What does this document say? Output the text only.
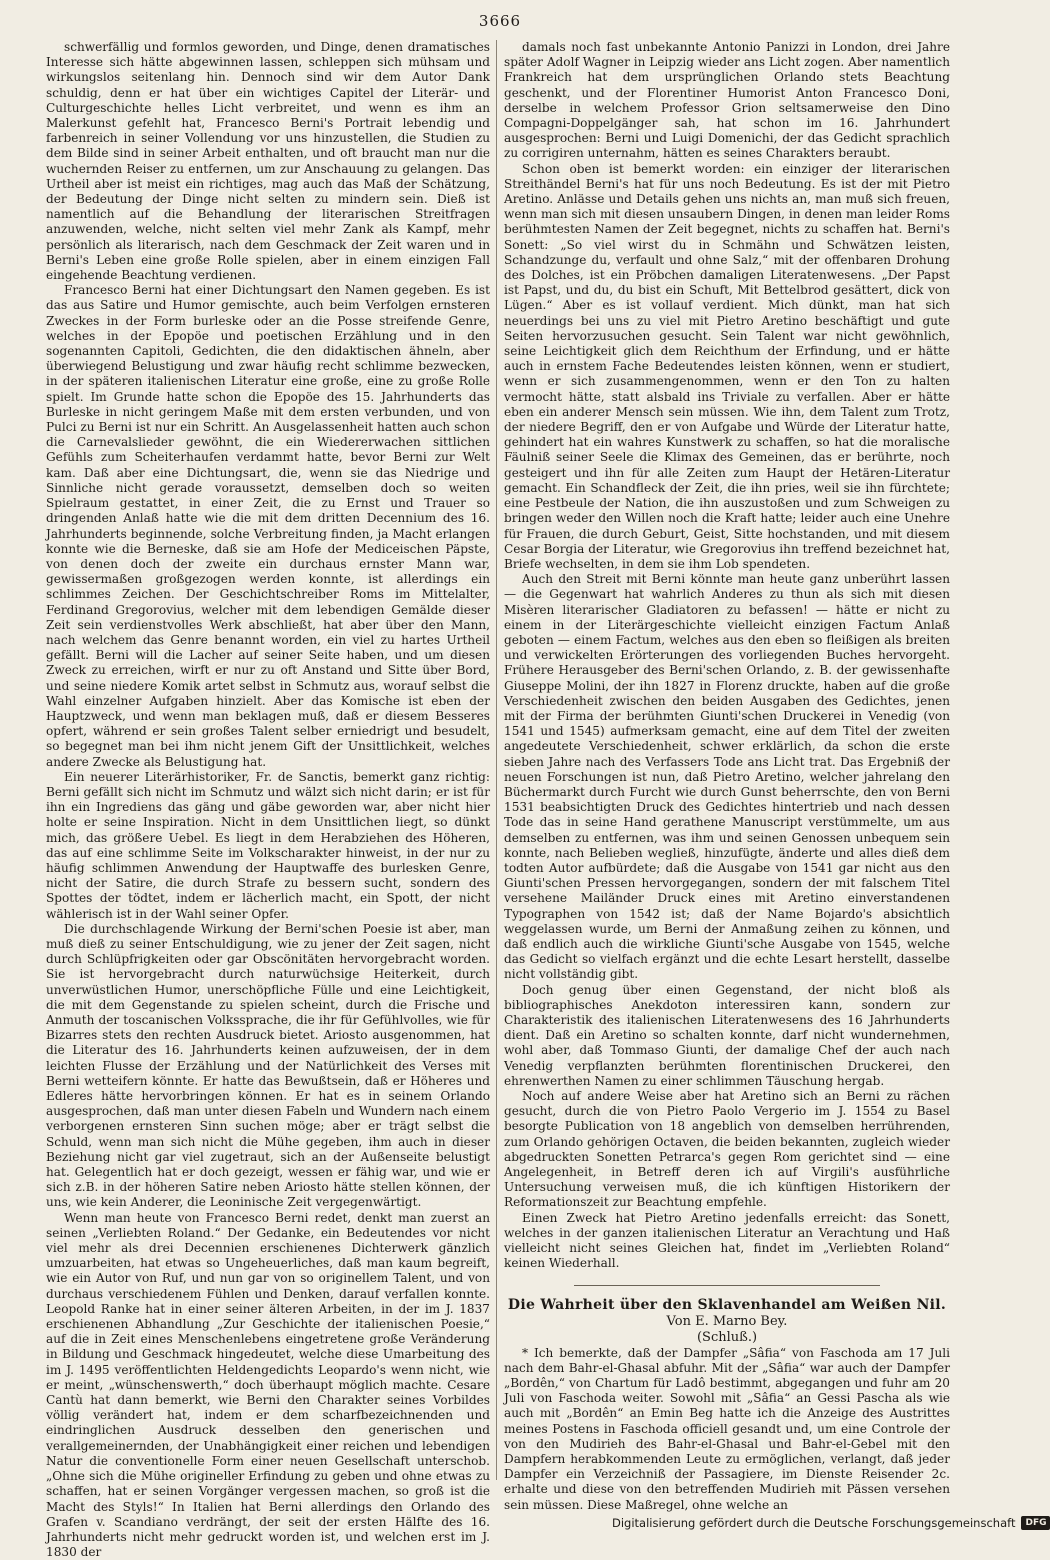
3666

schwerfällig und formlos geworden, und Dinge, denen dramatisches Interesse sich hätte abgewinnen lassen, schleppen sich mühsam und wirkungslos seitenlang hin. Dennoch sind wir dem Autor Dank schuldig, denn er hat über ein wichtiges Capitel der Literär- und Culturgeschichte helles Licht verbreitet, und wenn es ihm an Malerkunst gefehlt hat, Francesco Berni's Portrait lebendig und farbenreich in seiner Vollendung vor uns hinzustellen, die Studien zu dem Bilde sind in seiner Arbeit enthalten, und oft braucht man nur die wuchernden Reiser zu entfernen, um zur Anschauung zu gelangen. Das Urtheil aber ist meist ein richtiges, mag auch das Maß der Schätzung, der Bedeutung der Dinge nicht selten zu mindern sein. Dieß ist namentlich auf die Behandlung der literarischen Streitfragen anzuwenden, welche, nicht selten viel mehr Zank als Kampf, mehr persönlich als literarisch, nach dem Geschmack der Zeit waren und in Berni's Leben eine große Rolle spielen, aber in einem einzigen Fall eingehende Beachtung verdienen.

Francesco Berni hat einer Dichtungsart den Namen gegeben. Es ist das aus Satire und Humor gemischte, auch beim Verfolgen ernsteren Zweckes in der Form burleske oder an die Posse streifende Genre, welches in der Epopöe und poetischen Erzählung und in den sogenannten Capitoli, Gedichten, die den didaktischen ähneln, aber überwiegend Belustigung und zwar häufig recht schlimme bezwecken, in der späteren italienischen Literatur eine große, eine zu große Rolle spielt. Im Grunde hatte schon die Epopöe des 15. Jahrhunderts das Burleske in nicht geringem Maße mit dem ersten verbunden, und von Pulci zu Berni ist nur ein Schritt. An Ausgelassenheit hatten auch schon die Carnevalslieder gewöhnt, die ein Wiedererwachen sittlichen Gefühls zum Scheiterhaufen verdammt hatte, bevor Berni zur Welt kam. Daß aber eine Dichtungsart, die, wenn sie das Niedrige und Sinnliche nicht gerade voraussetzt, demselben doch so weiten Spielraum gestattet, in einer Zeit, die zu Ernst und Trauer so dringenden Anlaß hatte wie die mit dem dritten Decennium des 16. Jahrhunderts beginnende, solche Verbreitung finden, ja Macht erlangen konnte wie die Berneske, daß sie am Hofe der Mediceischen Päpste, von denen doch der zweite ein durchaus ernster Mann war, gewissermaßen großgezogen werden konnte, ist allerdings ein schlimmes Zeichen. Der Geschichtschreiber Roms im Mittelalter, Ferdinand Gregorovius, welcher mit dem lebendigen Gemälde dieser Zeit sein verdienstvolles Werk abschließt, hat aber über den Mann, nach welchem das Genre benannt worden, ein viel zu hartes Urtheil gefällt. Berni will die Lacher auf seiner Seite haben, und um diesen Zweck zu erreichen, wirft er nur zu oft Anstand und Sitte über Bord, und seine niedere Komik artet selbst in Schmutz aus, worauf selbst die Wahl einzelner Aufgaben hinzielt. Aber das Komische ist eben der Hauptzweck, und wenn man beklagen muß, daß er diesem Besseres opfert, während er sein großes Talent selber erniedrigt und besudelt, so begegnet man bei ihm nicht jenem Gift der Unsittlichkeit, welches andere Zwecke als Belustigung hat.

Ein neuerer Literärhistoriker, Fr. de Sanctis, bemerkt ganz richtig: Berni gefällt sich nicht im Schmutz und wälzt sich nicht darin; er ist für ihn ein Ingrediens das gäng und gäbe geworden war, aber nicht hier holte er seine Inspiration. Nicht in dem Unsittlichen liegt, so dünkt mich, das größere Uebel. Es liegt in dem Herabziehen des Höheren, das auf eine schlimme Seite im Volkscharakter hinweist, in der nur zu häufig schlimmen Anwendung der Hauptwaffe des burlesken Genre, nicht der Satire, die durch Strafe zu bessern sucht, sondern des Spottes der tödtet, indem er lächerlich macht, ein Spott, der nicht wählerisch ist in der Wahl seiner Opfer.

Die durchschlagende Wirkung der Berni'schen Poesie ist aber, man muß dieß zu seiner Entschuldigung, wie zu jener der Zeit sagen, nicht durch Schlüpfrigkeiten oder gar Obscönitäten hervorgebracht worden. Sie ist hervorgebracht durch naturwüchsige Heiterkeit, durch unverwüstlichen Humor, unerschöpfliche Fülle und eine Leichtigkeit, die mit dem Gegenstande zu spielen scheint, durch die Frische und Anmuth der toscanischen Volkssprache, die ihr für Gefühlvolles, wie für Bizarres stets den rechten Ausdruck bietet. Ariosto ausgenommen, hat die Literatur des 16. Jahrhunderts keinen aufzuweisen, der in dem leichten Flusse der Erzählung und der Natürlichkeit des Verses mit Berni wetteifern könnte. Er hatte das Bewußtsein, daß er Höheres und Edleres hätte hervorbringen können. Er hat es in seinem Orlando ausgesprochen, daß man unter diesen Fabeln und Wundern nach einem verborgenen ernsteren Sinn suchen möge; aber er trägt selbst die Schuld, wenn man sich nicht die Mühe gegeben, ihm auch in dieser Beziehung nicht gar viel zugetraut, sich an der Außenseite belustigt hat. Gelegentlich hat er doch gezeigt, wessen er fähig war, und wie er sich z.B. in der höheren Satire neben Ariosto hätte stellen können, der uns, wie kein Anderer, die Leoninische Zeit vergegenwärtigt.

Wenn man heute von Francesco Berni redet, denkt man zuerst an seinen „Verliebten Roland.“ Der Gedanke, ein Bedeutendes vor nicht viel mehr als drei Decennien erschienenes Dichterwerk gänzlich umzuarbeiten, hat etwas so Ungeheuerliches, daß man kaum begreift, wie ein Autor von Ruf, und nun gar von so originellem Talent, und von durchaus verschiedenem Fühlen und Denken, darauf verfallen konnte. Leopold Ranke hat in einer seiner älteren Arbeiten, in der im J. 1837 erschienenen Abhandlung „Zur Geschichte der italienischen Poesie,“ auf die in Zeit eines Menschenlebens eingetretene große Veränderung in Bildung und Geschmack hingedeutet, welche diese Umarbeitung des im J. 1495 veröffentlichten Heldengedichts Leopardo's wenn nicht, wie er meint, „wünschenswerth,“ doch überhaupt möglich machte. Cesare Cantù hat dann bemerkt, wie Berni den Charakter seines Vorbildes völlig verändert hat, indem er dem scharfbezeichnenden und eindringlichen Ausdruck desselben den generischen und verallgemeinernden, der Unabhängigkeit einer reichen und lebendigen Natur die conventionelle Form einer neuen Gesellschaft unterschob. „Ohne sich die Mühe origineller Erfindung zu geben und ohne etwas zu schaffen, hat er seinen Vorgänger vergessen machen, so groß ist die Macht des Styls!“ In Italien hat Berni allerdings den Orlando des Grafen v. Scandiano verdrängt, der seit der ersten Hälfte des 16. Jahrhunderts nicht mehr gedruckt worden ist, und welchen erst im J. 1830 der

damals noch fast unbekannte Antonio Panizzi in London, drei Jahre später Adolf Wagner in Leipzig wieder ans Licht zogen. Aber namentlich Frankreich hat dem ursprünglichen Orlando stets Beachtung geschenkt, und der Florentiner Humorist Anton Francesco Doni, derselbe in welchem Professor Grion seltsamerweise den Dino Compagni-Doppelgänger sah, hat schon im 16. Jahrhundert ausgesprochen: Berni und Luigi Domenichi, der das Gedicht sprachlich zu corrigiren unternahm, hätten es seines Charakters beraubt.

Schon oben ist bemerkt worden: ein einziger der literarischen Streithändel Berni's hat für uns noch Bedeutung. Es ist der mit Pietro Aretino. Anlässe und Details gehen uns nichts an, man muß sich freuen, wenn man sich mit diesen unsaubern Dingen, in denen man leider Roms berühmtesten Namen der Zeit begegnet, nichts zu schaffen hat. Berni's Sonett: „So viel wirst du in Schmähn und Schwätzen leisten, Schandzunge du, verfault und ohne Salz,“ mit der offenbaren Drohung des Dolches, ist ein Pröbchen damaligen Literatenwesens. „Der Papst ist Papst, und du, du bist ein Schuft, Mit Bettelbrod gesättert, dick von Lügen.“ Aber es ist vollauf verdient. Mich dünkt, man hat sich neuerdings bei uns zu viel mit Pietro Aretino beschäftigt und gute Seiten hervorzusuchen gesucht. Sein Talent war nicht gewöhnlich, seine Leichtigkeit glich dem Reichthum der Erfindung, und er hätte auch in ernstem Fache Bedeutendes leisten können, wenn er studiert, wenn er sich zusammengenommen, wenn er den Ton zu halten vermocht hätte, statt alsbald ins Triviale zu verfallen. Aber er hätte eben ein anderer Mensch sein müssen. Wie ihn, dem Talent zum Trotz, der niedere Begriff, den er von Aufgabe und Würde der Literatur hatte, gehindert hat ein wahres Kunstwerk zu schaffen, so hat die moralische Fäulniß seiner Seele die Klimax des Gemeinen, das er berührte, noch gesteigert und ihn für alle Zeiten zum Haupt der Hetären-Literatur gemacht. Ein Schandfleck der Zeit, die ihn pries, weil sie ihn fürchtete; eine Pestbeule der Nation, die ihn auszustoßen und zum Schweigen zu bringen weder den Willen noch die Kraft hatte; leider auch eine Unehre für Frauen, die durch Geburt, Geist, Sitte hochstanden, und mit diesem Cesar Borgia der Literatur, wie Gregorovius ihn treffend bezeichnet hat, Briefe wechselten, in dem sie ihm Lob spendeten.

Auch den Streit mit Berni könnte man heute ganz unberührt lassen — die Gegenwart hat wahrlich Anderes zu thun als sich mit diesen Misèren literarischer Gladiatoren zu befassen! — hätte er nicht zu einem in der Literärgeschichte vielleicht einzigen Factum Anlaß geboten — einem Factum, welches aus den eben so fleißigen als breiten und verwickelten Erörterungen des vorliegenden Buches hervorgeht. Frühere Herausgeber des Berni'schen Orlando, z. B. der gewissenhafte Giuseppe Molini, der ihn 1827 in Florenz druckte, haben auf die große Verschiedenheit zwischen den beiden Ausgaben des Gedichtes, jenen mit der Firma der berühmten Giunti'schen Druckerei in Venedig (von 1541 und 1545) aufmerksam gemacht, eine auf dem Titel der zweiten angedeutete Verschiedenheit, schwer erklärlich, da schon die erste sieben Jahre nach des Verfassers Tode ans Licht trat. Das Ergebniß der neuen Forschungen ist nun, daß Pietro Aretino, welcher jahrelang den Büchermarkt durch Furcht wie durch Gunst beherrschte, den von Berni 1531 beabsichtigten Druck des Gedichtes hintertrieb und nach dessen Tode das in seine Hand gerathene Manuscript verstümmelte, um aus demselben zu entfernen, was ihm und seinen Genossen unbequem sein konnte, nach Belieben wegließ, hinzufügte, änderte und alles dieß dem todten Autor aufbürdete; daß die Ausgabe von 1541 gar nicht aus den Giunti'schen Pressen hervorgegangen, sondern der mit falschem Titel versehene Mailänder Druck eines mit Aretino einverstandenen Typographen von 1542 ist; daß der Name Bojardo's absichtlich weggelassen wurde, um Berni der Anmaßung zeihen zu können, und daß endlich auch die wirkliche Giunti'sche Ausgabe von 1545, welche das Gedicht so vielfach ergänzt und die echte Lesart herstellt, dasselbe nicht vollständig gibt.

Doch genug über einen Gegenstand, der nicht bloß als bibliographisches Anekdoton interessiren kann, sondern zur Charakteristik des italienischen Literatenwesens des 16 Jahrhunderts dient. Daß ein Aretino so schalten konnte, darf nicht wundernehmen, wohl aber, daß Tommaso Giunti, der damalige Chef der auch nach Venedig verpflanzten berühmten florentinischen Druckerei, den ehrenwerthen Namen zu einer schlimmen Täuschung hergab.

Noch auf andere Weise aber hat Aretino sich an Berni zu rächen gesucht, durch die von Pietro Paolo Vergerio im J. 1554 zu Basel besorgte Publication von 18 angeblich von demselben herrührenden, zum Orlando gehörigen Octaven, die beiden bekannten, zugleich wieder abgedruckten Sonetten Petrarca's gegen Rom gerichtet sind — eine Angelegenheit, in Betreff deren ich auf Virgili's ausführliche Untersuchung verweisen muß, die ich künftigen Historikern der Reformationszeit zur Beachtung empfehle.

Einen Zweck hat Pietro Aretino jedenfalls erreicht: das Sonett, welches in der ganzen italienischen Literatur an Verachtung und Haß vielleicht nicht seines Gleichen hat, findet im „Verliebten Roland“ keinen Wiederhall.

Die Wahrheit über den Sklavenhandel am Weißen Nil.
Von E. Marno Bey.
(Schluß.)

* Ich bemerkte, daß der Dampfer „Sâfia“ von Faschoda am 17 Juli nach dem Bahr-el-Ghasal abfuhr. Mit der „Sâfia“ war auch der Dampfer „Bordên,“ von Chartum für Ladô bestimmt, abgegangen und fuhr am 20 Juli von Faschoda weiter. Sowohl mit „Sâfia“ an Gessi Pascha als wie auch mit „Bordên“ an Emin Beg hatte ich die Anzeige des Austrittes meines Postens in Faschoda officiell gesandt und, um eine Controle der von den Mudirieh des Bahr-el-Ghasal und Bahr-el-Gebel mit den Dampfern herabkommenden Leute zu ermöglichen, verlangt, daß jeder Dampfer ein Verzeichniß der Passagiere, im Dienste Reisender 2c. erhalte und diese von den betreffenden Mudirieh mit Pässen versehen sein müssen. Diese Maßregel, ohne welche an

Digitalisierung gefördert durch die Deutsche Forschungsgemeinschaft	DFG
